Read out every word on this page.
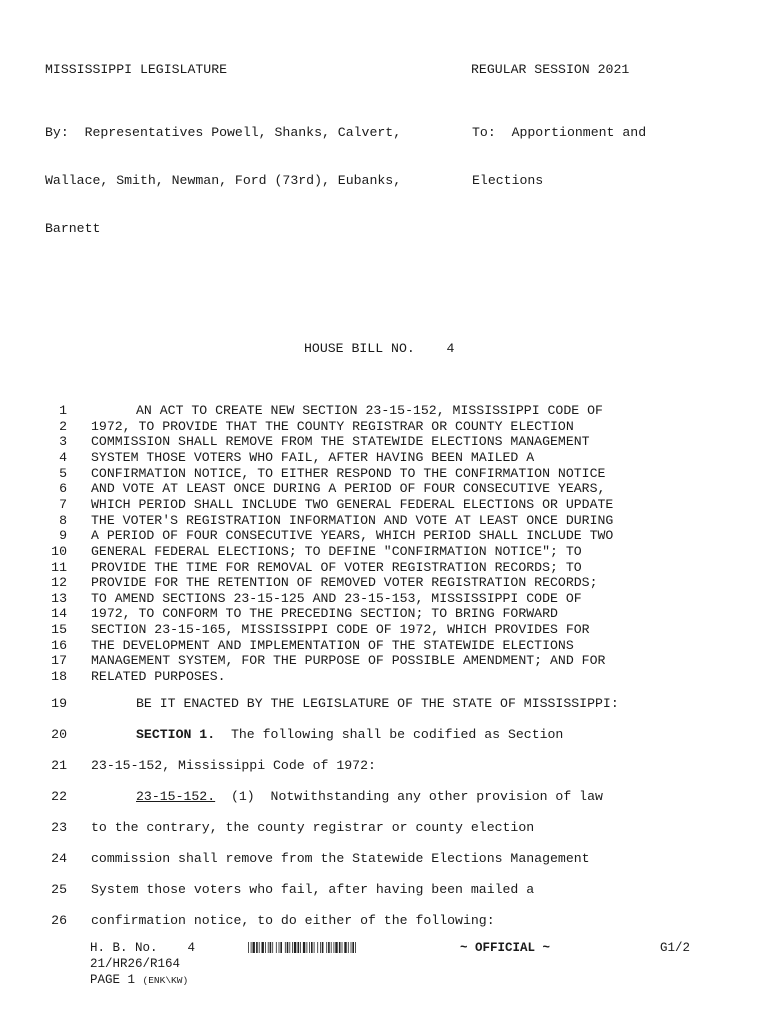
MISSISSIPPI LEGISLATURE	REGULAR SESSION 2021

By:  Representatives Powell, Shanks, Calvert,

Wallace, Smith, Newman, Ford (73rd), Eubanks,

Barnett

To:  Apportionment and

Elections

HOUSE BILL NO.    4
1	AN ACT TO CREATE NEW SECTION 23-15-152, MISSISSIPPI CODE OF
2 1972, TO PROVIDE THAT THE COUNTY REGISTRAR OR COUNTY ELECTION
3 COMMISSION SHALL REMOVE FROM THE STATEWIDE ELECTIONS MANAGEMENT
4 SYSTEM THOSE VOTERS WHO FAIL, AFTER HAVING BEEN MAILED A
5 CONFIRMATION NOTICE, TO EITHER RESPOND TO THE CONFIRMATION NOTICE
6 AND VOTE AT LEAST ONCE DURING A PERIOD OF FOUR CONSECUTIVE YEARS,
7 WHICH PERIOD SHALL INCLUDE TWO GENERAL FEDERAL ELECTIONS OR UPDATE
8 THE VOTER'S REGISTRATION INFORMATION AND VOTE AT LEAST ONCE DURING
9 A PERIOD OF FOUR CONSECUTIVE YEARS, WHICH PERIOD SHALL INCLUDE TWO
10 GENERAL FEDERAL ELECTIONS; TO DEFINE "CONFIRMATION NOTICE"; TO
11 PROVIDE THE TIME FOR REMOVAL OF VOTER REGISTRATION RECORDS; TO
12 PROVIDE FOR THE RETENTION OF REMOVED VOTER REGISTRATION RECORDS;
13 TO AMEND SECTIONS 23-15-125 AND 23-15-153, MISSISSIPPI CODE OF
14 1972, TO CONFORM TO THE PRECEDING SECTION; TO BRING FORWARD
15 SECTION 23-15-165, MISSISSIPPI CODE OF 1972, WHICH PROVIDES FOR
16 THE DEVELOPMENT AND IMPLEMENTATION OF THE STATEWIDE ELECTIONS
17 MANAGEMENT SYSTEM, FOR THE PURPOSE OF POSSIBLE AMENDMENT; AND FOR
18 RELATED PURPOSES.
19	BE IT ENACTED BY THE LEGISLATURE OF THE STATE OF MISSISSIPPI:
20	SECTION 1.  The following shall be codified as Section
21 23-15-152, Mississippi Code of 1972:
22	23-15-152.  (1)  Notwithstanding any other provision of law
23 to the contrary, the county registrar or county election
24 commission shall remove from the Statewide Elections Management
25 System those voters who fail, after having been mailed a
26 confirmation notice, to do either of the following:
H. B. No.    4	~ OFFICIAL ~	G1/2
21/HR26/R164
PAGE 1 (ENK\KW)
